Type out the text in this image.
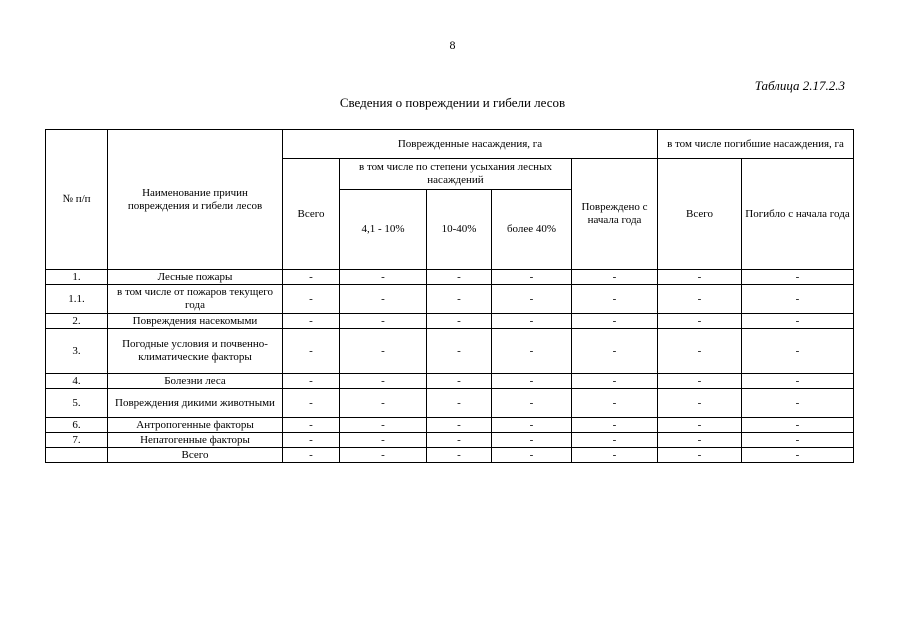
8
Таблица 2.17.2.3
Сведения о повреждении и гибели лесов
№ п/п	Наименование причин повреждения и гибели лесов	Поврежденные насаждения, га					в том числе погибшие насаждения, га	
		Всего	в том числе по степени усыхания лесных насаждений			Повреждено с начала года	Всего	Погибло с начала года
			4,1 - 10%	10-40%	более 40%			
1.	Лесные пожары	-	-	-	-	-	-	-
1.1.	в том числе от пожаров текущего года	-	-	-	-	-	-	-
2.	Повреждения насекомыми	-	-	-	-	-	-	-
3.	Погодные условия и почвенно-климатические факторы	-	-	-	-	-	-	-
4.	Болезни леса	-	-	-	-	-	-	-
5.	Повреждения дикими животными	-	-	-	-	-	-	-
6.	Антропогенные факторы	-	-	-	-	-	-	-
7.	Непатогенные факторы	-	-	-	-	-	-	-
	Всего	-	-	-	-	-	-	-
